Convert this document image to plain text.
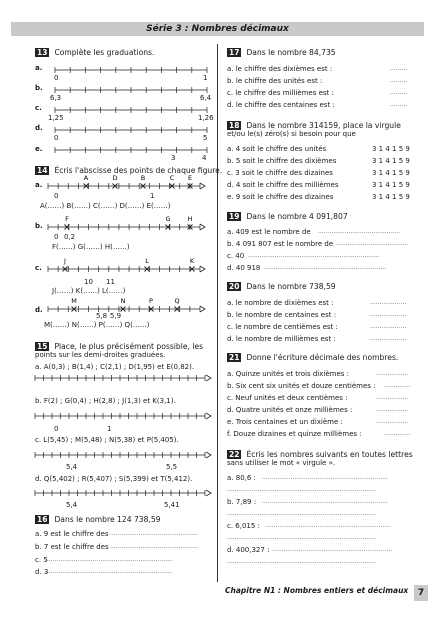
Série 3 : Nombres décimaux
13 Complète les graduations.
a.
0	1
b.
6,3	6,4
c.
1,25	1,26
d.
0	5
e.
3	4
14 Écris l'abscisse des points de chaque figure.
a.
0	1
A(……) B(……) C(……) D(……) E(……)
b.
0 0,2
F(……) G(……) H(……)
c.
10 11
J(……) K(……) L(……)
d.
5,8 5,9
M(……) N(……) P(……) Q(……)
15 Place, le plus précisément possible, les
points sur les demi-droites graduées.
a. A(0,3) ; B(1,4) ; C(2,1) ; D(1,95) et E(0,82).
b. F(2) ; G(0,4) ; H(2,8) ; J(1,3) et K(3,1).
0	1
c. L(5,45) ; M(5,48) ; N(5,38) et P(5,405).
5,4	5,5
d. Q(5,402) ; R(5,407) ; S(5,399) et T(5,412).
5,4	5,41
16 Dans le nombre 124 738,59
a. 9 est le chiffre des
b. 7 est le chiffre des
c. 5
d. 3
..............................................
..............................................
...................................................................
...................................................................
17 Dans le nombre 84,735
a. le chiffre des dixièmes est :
b. le chiffre des unités est :
c. le chiffre des millièmes est :
d. le chiffre des centaines est :
.........
.........
.........
.........
18 Dans le nombre 314159, place la virgule
et/ou le(s) zéro(s) si besoin pour que
a. 4 soit le chiffre des unités
b. 5 soit le chiffre des dixièmes
c. 3 soit le chiffre des dizaines
d. 4 soit le chiffre des millièmes
e. 9 soit le chiffre des dizaines
3 1 4 1 5 9
3 1 4 1 5 9
3 1 4 1 5 9
3 1 4 1 5 9
3 1 4 1 5 9
19 Dans le nombre 4 091,807
a. 409 est le nombre de
b. 4 091 807 est le nombre de
c. 40
d. 40 918
...........................................
......................................
.....................................................................
................................................................
20 Dans le nombre 738,59
a. le nombre de dixièmes est :
b. le nombre de centaines est :
c. le nombre de centièmes est :
d. le nombre de millièmes est :
...................
...................
...................
...................
21 Donne l'écriture décimale des nombres.
a. Quinze unités et trois dixièmes :
b. Six cent six unités et douze centièmes :
c. Neuf unités et deux centièmes :
d. Quatre unités et onze millièmes :
e. Trois centaines et un dixième :
f. Douze dizaines et quinze millièmes :
.................
..............
.................
.................
.................
..............
22 Écris les nombres suivants en toutes lettres
sans utiliser le mot « virgule ».
a. 80,6 :
b. 7,89 :
c. 6,015 :
d. 400,327 :
..................................................................
..............................................................................
..................................................................
..............................................................................
.................................................................
..............................................................................
...............................................................
..............................................................................
Chapitre N1 : Nombres entiers et décimaux	7
A	D	B	C E
F	G	H
J	L	K
M	N	P	Q
